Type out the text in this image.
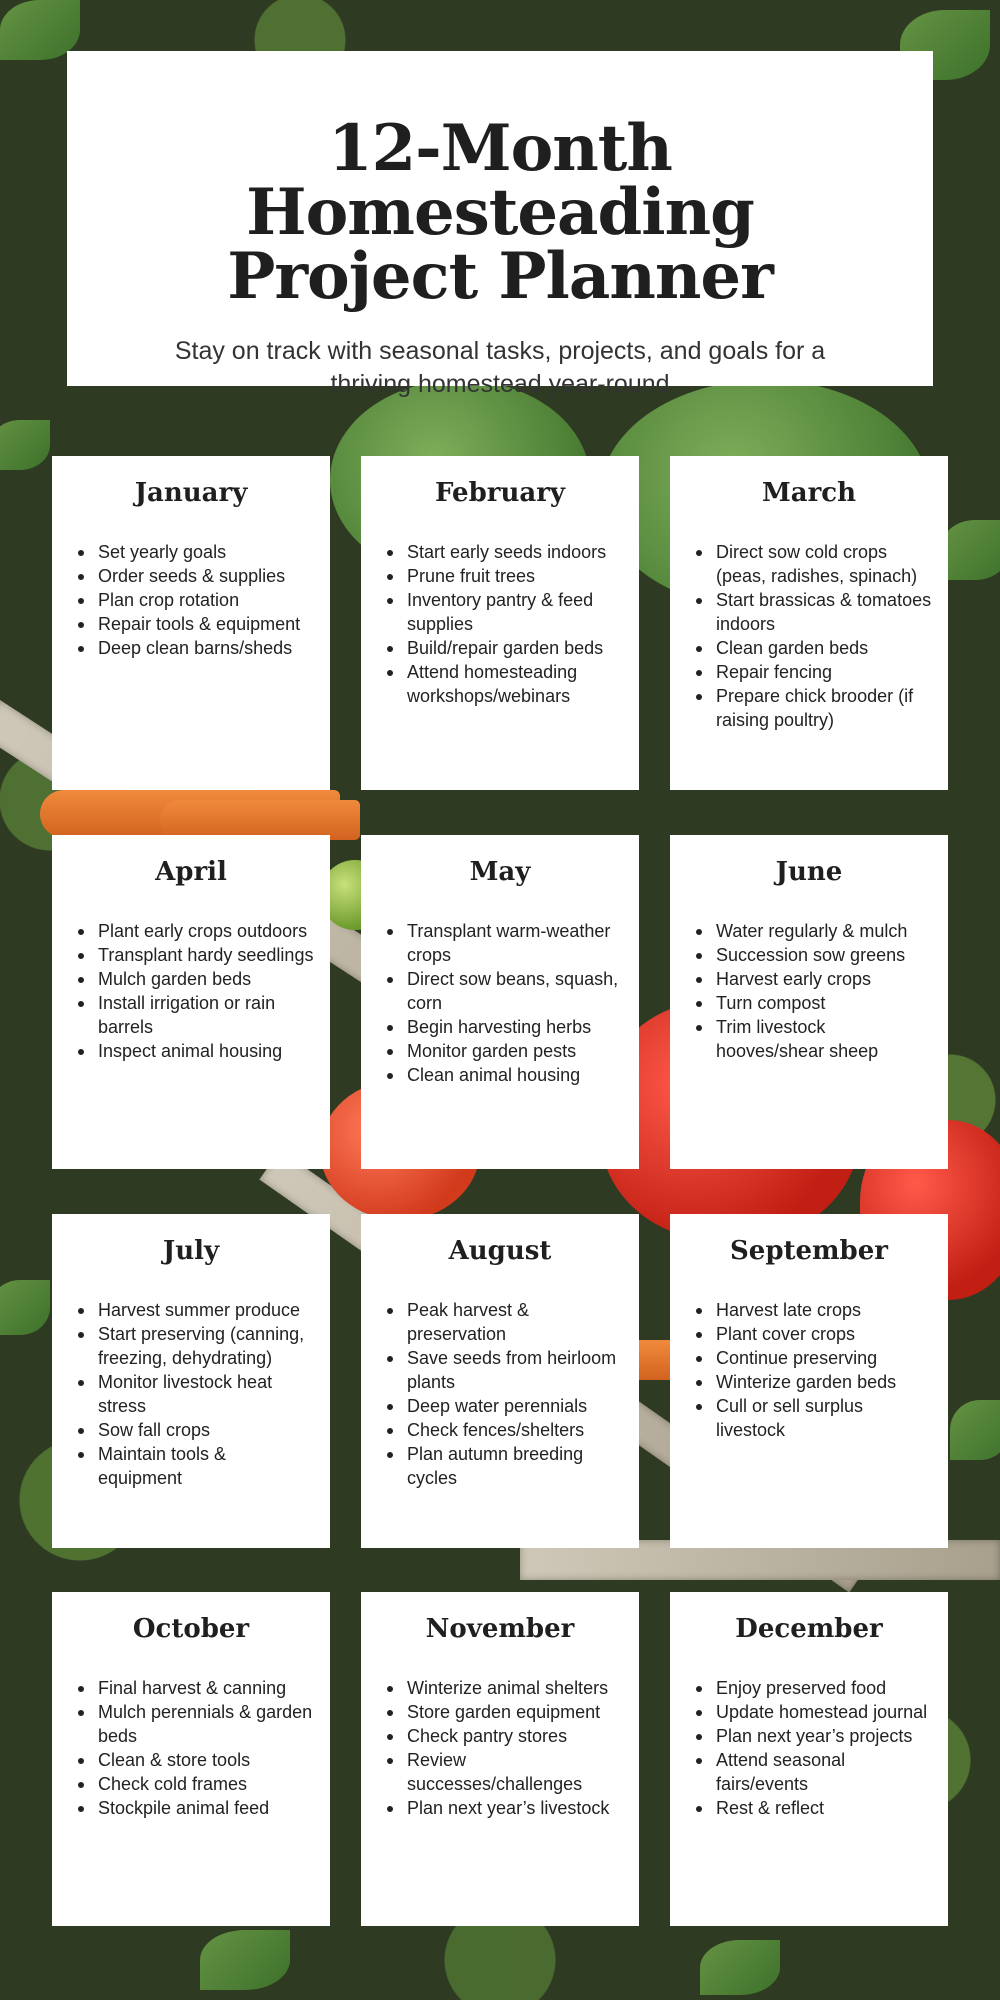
12-Month Homesteading
Project Planner
Stay on track with seasonal tasks, projects, and goals for a thriving homestead year-round
January
Set yearly goals
Order seeds & supplies
Plan crop rotation
Repair tools & equipment
Deep clean barns/sheds
February
Start early seeds indoors
Prune fruit trees
Inventory pantry & feed supplies
Build/repair garden beds
Attend homesteading workshops/webinars
March
Direct sow cold crops (peas, radishes, spinach)
Start brassicas & tomatoes indoors
Clean garden beds
Repair fencing
Prepare chick brooder (if raising poultry)
April
Plant early crops outdoors
Transplant hardy seedlings
Mulch garden beds
Install irrigation or rain barrels
Inspect animal housing
May
Transplant warm-weather crops
Direct sow beans, squash, corn
Begin harvesting herbs
Monitor garden pests
Clean animal housing
June
Water regularly & mulch
Succession sow greens
Harvest early crops
Turn compost
Trim livestock hooves/shear sheep
July
Harvest summer produce
Start preserving (canning, freezing, dehydrating)
Monitor livestock heat stress
Sow fall crops
Maintain tools & equipment
August
Peak harvest & preservation
Save seeds from heirloom plants
Deep water perennials
Check fences/shelters
Plan autumn breeding cycles
September
Harvest late crops
Plant cover crops
Continue preserving
Winterize garden beds
Cull or sell surplus livestock
October
Final harvest & canning
Mulch perennials & garden beds
Clean & store tools
Check cold frames
Stockpile animal feed
November
Winterize animal shelters
Store garden equipment
Check pantry stores
Review successes/challenges
Plan next year’s livestock
December
Enjoy preserved food
Update homestead journal
Plan next year’s projects
Attend seasonal fairs/events
Rest & reflect
